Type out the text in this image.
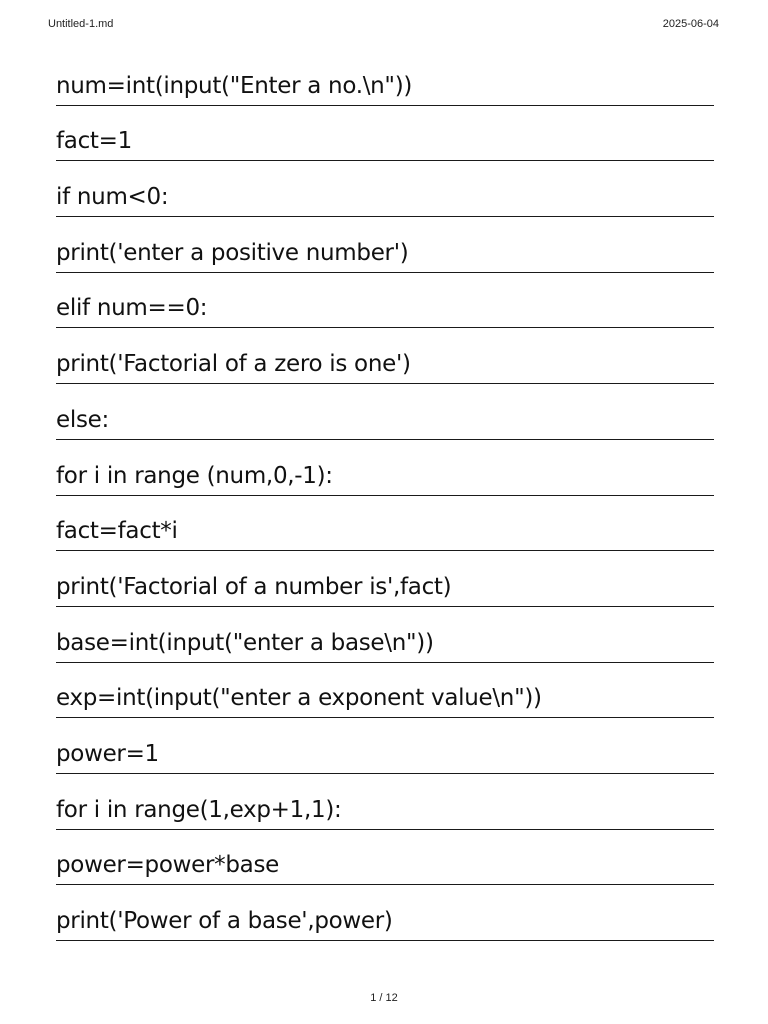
Untitled-1.md	2025-06-04
num=int(input("Enter a no.\n"))
fact=1
if num<0:
print('enter a positive number')
elif num==0:
print('Factorial of a zero is one')
else:
for i in range (num,0,-1):
fact=fact*i
print('Factorial of a number is',fact)
base=int(input("enter a base\n"))
exp=int(input("enter a exponent value\n"))
power=1
for i in range(1,exp+1,1):
power=power*base
print('Power of a base',power)
1 / 12
